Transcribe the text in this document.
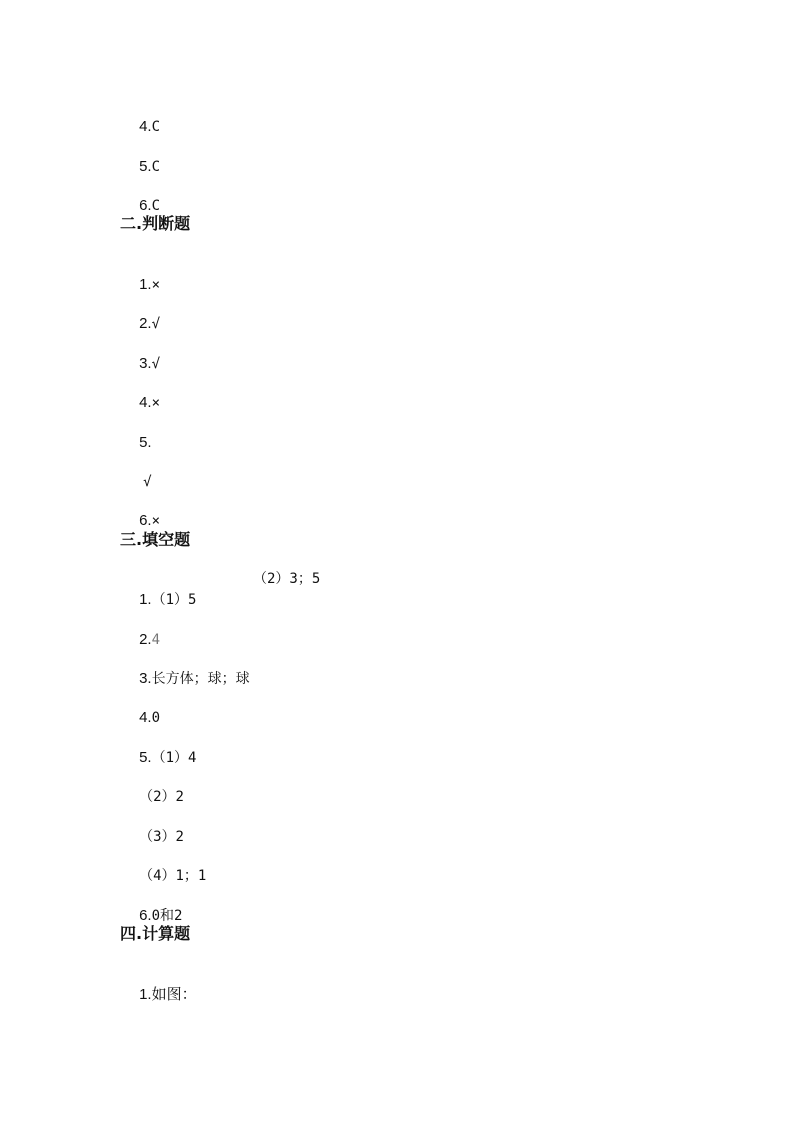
4.C

5.C

6.C

二.判断题

1.×

2.√

3.√

4.×

5.

√

6.×

三.填空题

1.（1）5
（2）3；5

2.4

3.长方体；球；球

4.0

5.（1）4

（2）2

（3）2

（4）1；1

6.0和2

四.计算题

1.如图：
